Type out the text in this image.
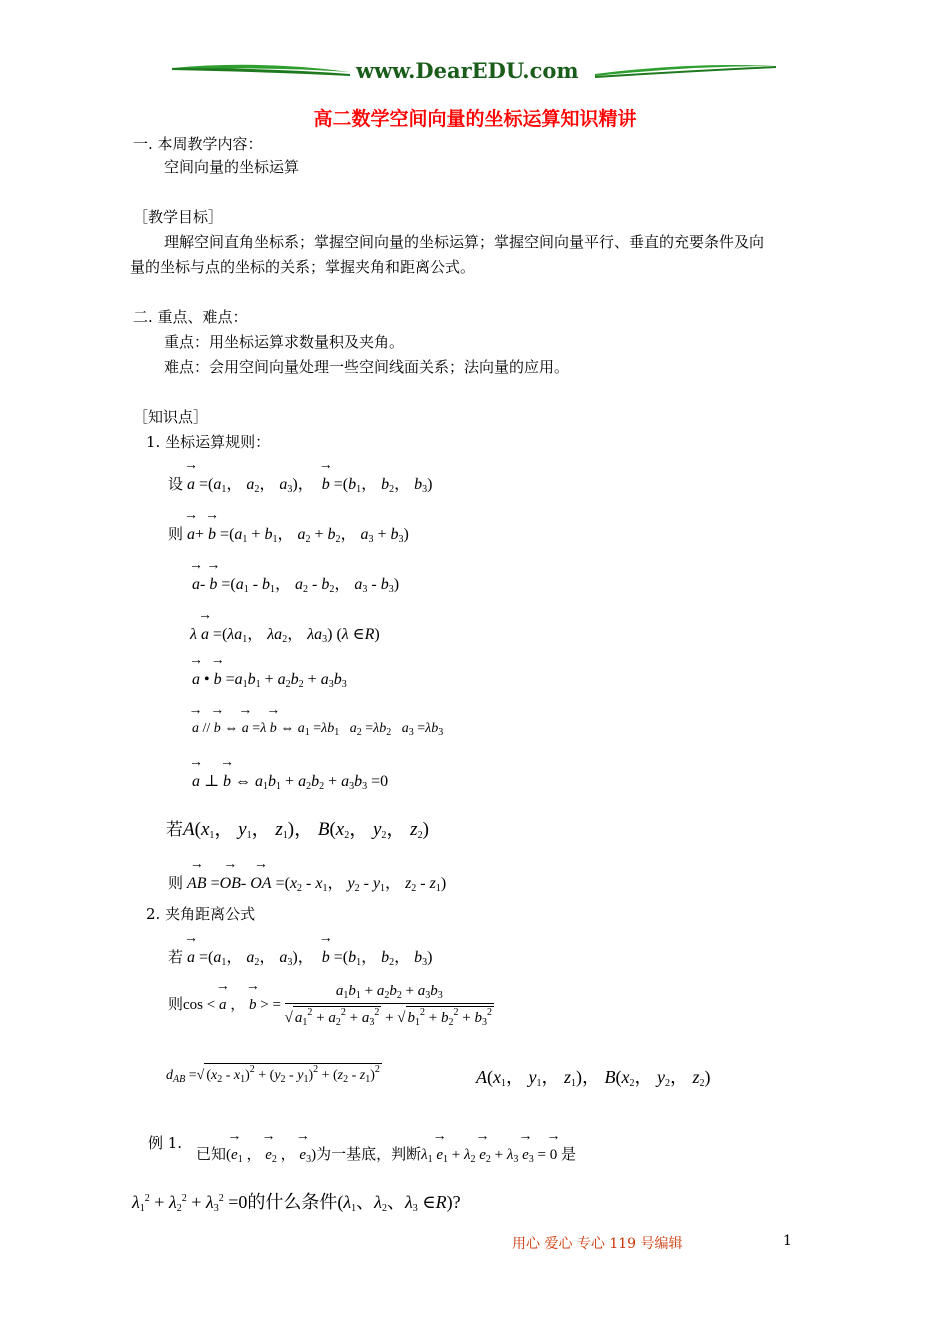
www.DearEDU.com
高二数学空间向量的坐标运算知识精讲
一. 本周教学内容：
空间向量的坐标运算
［教学目标］
理解空间直角坐标系；掌握空间向量的坐标运算；掌握空间向量平行、垂直的充要条件及向
量的坐标与点的坐标的关系；掌握夹角和距离公式。
二. 重点、难点：
重点：用坐标运算求数量积及夹角。
难点：会用空间向量处理一些空间线面关系；法向量的应用。
［知识点］
1. 坐标运算规则：
设 → $a =(a_1$， $a_2$， $a_3$)，  → $b =(b_1$， $b_2$， $b_3$)
则 → $a+ \to b =(a_1 + b_1$， $a_2 + b_2$， $a_3 + b_3$)
→ $a- \to b =(a_1 - b_1$， $a_2 - b_2$， $a_3 - b_3$)
$\lambda \to a =(\lambda a_1$， $\lambda a_2$， $\lambda a_3$) (λ ∈R)
→ a • → $b =a_1b_1 + a_2b_2 + a_3b_3$
→ a // → b ⇔ → a =λ → b ⇔ $a_1 =\lambda b_1$ $a_2 =\lambda b_2$ $a_3 =\lambda b_3$
→ a ⊥ → b ⇔ $a_1b_1 + a_2b_2 + a_3b_3 =0$
若$A(x_1$， $y_1$， $z_1$)， $B(x_2$， $y_2$， $z_2$)
则 → AB =→ OB- → OA $=(x_2 - x_1$， $y_2 - y_1$， $z_2 - z_1$)
2. 夹角距离公式
若 → $a =(a_1$， $a_2$， $a_3$)，  → $b =(b_1$， $b_2$， $b_3$)
则cos < → a ， → b > = $\frac{a_1b_1 + a_2b_2 + a_3b_3}{√ a_1^2 + a_2^2 + a_3^2 + √ b_1^2 + b_2^2 + b_3^2}$
$d_{AB}$ =√ $(x_2 - x_1)^2 + (y_2 - y_1)^2 + (z_2 - z_1)^2$	$A(x_1$， $y_1$， $z_1$)， $B(x_2$， $y_2$， $z_2$)
例 1.
已知(→ $e_1$ ， → $e_2$ ， → $e_3$)为一基底，判断$\lambda_1 \to e_1 + \lambda_2 \to e_2 + \lambda_3 \to e_3$ = → 0 是
$\lambda_1^2 + \lambda_2^2 + \lambda_3^2 =0$的什么条件($\lambda_1$、$\lambda_2$、$\lambda_3$ ∈R)?
用心 爱心 专心 119 号编辑	1
